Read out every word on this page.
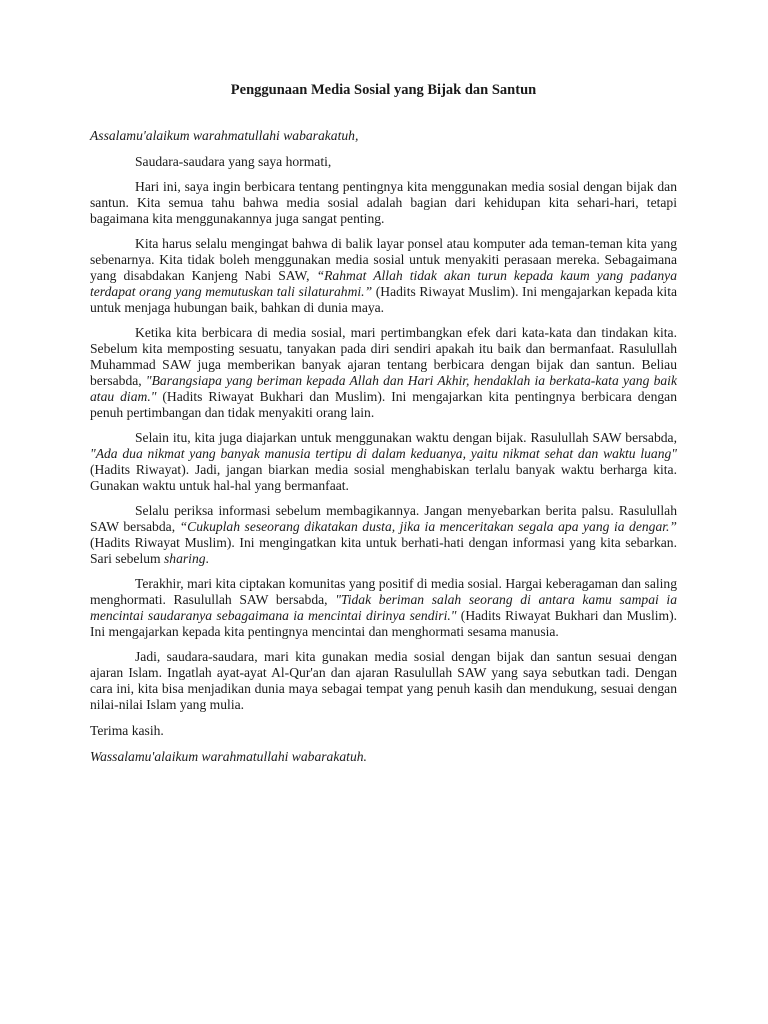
Penggunaan Media Sosial yang Bijak dan Santun

Assalamu'alaikum warahmatullahi wabarakatuh,

Saudara-saudara yang saya hormati,

Hari ini, saya ingin berbicara tentang pentingnya kita menggunakan media sosial dengan bijak dan santun. Kita semua tahu bahwa media sosial adalah bagian dari kehidupan kita sehari-hari, tetapi bagaimana kita menggunakannya juga sangat penting.

Kita harus selalu mengingat bahwa di balik layar ponsel atau komputer ada teman-teman kita yang sebenarnya. Kita tidak boleh menggunakan media sosial untuk menyakiti perasaan mereka. Sebagaimana yang disabdakan Kanjeng Nabi SAW, “Rahmat Allah tidak akan turun kepada kaum yang padanya terdapat orang yang memutuskan tali silaturahmi.” (Hadits Riwayat Muslim). Ini mengajarkan kepada kita untuk menjaga hubungan baik, bahkan di dunia maya.

Ketika kita berbicara di media sosial, mari pertimbangkan efek dari kata-kata dan tindakan kita. Sebelum kita memposting sesuatu, tanyakan pada diri sendiri apakah itu baik dan bermanfaat. Rasulullah Muhammad SAW juga memberikan banyak ajaran tentang berbicara dengan bijak dan santun. Beliau bersabda, "Barangsiapa yang beriman kepada Allah dan Hari Akhir, hendaklah ia berkata-kata yang baik atau diam." (Hadits Riwayat Bukhari dan Muslim). Ini mengajarkan kita pentingnya berbicara dengan penuh pertimbangan dan tidak menyakiti orang lain.

Selain itu, kita juga diajarkan untuk menggunakan waktu dengan bijak. Rasulullah SAW bersabda, "Ada dua nikmat yang banyak manusia tertipu di dalam keduanya, yaitu nikmat sehat dan waktu luang" (Hadits Riwayat). Jadi, jangan biarkan media sosial menghabiskan terlalu banyak waktu berharga kita. Gunakan waktu untuk hal-hal yang bermanfaat.

Selalu periksa informasi sebelum membagikannya. Jangan menyebarkan berita palsu. Rasulullah SAW bersabda, “Cukuplah seseorang dikatakan dusta, jika ia menceritakan segala apa yang ia dengar.” (Hadits Riwayat Muslim). Ini mengingatkan kita untuk berhati-hati dengan informasi yang kita sebarkan. Sari sebelum sharing.

Terakhir, mari kita ciptakan komunitas yang positif di media sosial. Hargai keberagaman dan saling menghormati. Rasulullah SAW bersabda, "Tidak beriman salah seorang di antara kamu sampai ia mencintai saudaranya sebagaimana ia mencintai dirinya sendiri." (Hadits Riwayat Bukhari dan Muslim). Ini mengajarkan kepada kita pentingnya mencintai dan menghormati sesama manusia.

Jadi, saudara-saudara, mari kita gunakan media sosial dengan bijak dan santun sesuai dengan ajaran Islam. Ingatlah ayat-ayat Al-Qur'an dan ajaran Rasulullah SAW yang saya sebutkan tadi. Dengan cara ini, kita bisa menjadikan dunia maya sebagai tempat yang penuh kasih dan mendukung, sesuai dengan nilai-nilai Islam yang mulia.

Terima kasih.

Wassalamu'alaikum warahmatullahi wabarakatuh.
